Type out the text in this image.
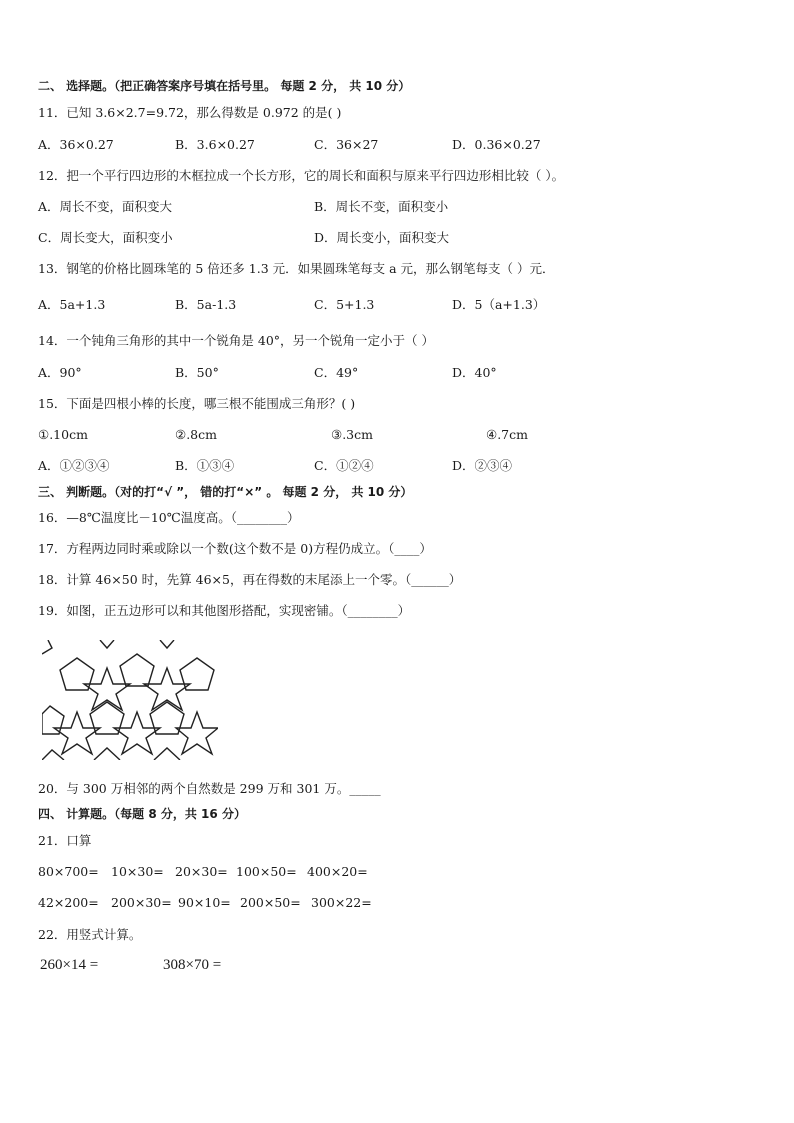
二、 选择题。（把正确答案序号填在括号里。 每题 2 分， 共 10 分）
11．已知 3.6×2.7=9.72，那么得数是 0.972 的是( )
A．36×0.27	B．3.6×0.27	C．36×27	D．0.36×0.27
12．把一个平行四边形的木框拉成一个长方形，它的周长和面积与原来平行四边形相比较（ ）。
A．周长不变，面积变大	B．周长不变，面积变小
C．周长变大，面积变小	D．周长变小，面积变大
13．钢笔的价格比圆珠笔的 5 倍还多 1.3 元．如果圆珠笔每支 a 元，那么钢笔每支（ ）元．
A．5a+1.3	B．5a-1.3	C．5+1.3	D．5（a+1.3）
14．一个钝角三角形的其中一个锐角是 40°，另一个锐角一定小于（ ）
A．90°	B．50°	C．49°	D．40°
15．下面是四根小棒的长度，哪三根不能围成三角形？( )
①.10cm	②.8cm	③.3cm	④.7cm
A．①②③④	B．①③④	C．①②④	D．②③④
三、 判断题。（对的打“√ ”， 错的打“×” 。 每题 2 分， 共 10 分）
16．—8℃温度比－10℃温度高。（________）
17．方程两边同时乘或除以一个数(这个数不是 0)方程仍成立。（____）
18．计算 46×50 时，先算 46×5，再在得数的末尾添上一个零。（______）
19．如图，正五边形可以和其他图形搭配，实现密铺。（________）
20．与 300 万相邻的两个自然数是 299 万和 301 万。_____
四、 计算题。（每题 8 分，共 16 分）
21．口算
80×700= 10×30= 20×30= 100×50= 400×20=
42×200= 200×30= 90×10= 200×50= 300×22=
22．用竖式计算。
260×14 =	308×70 =
